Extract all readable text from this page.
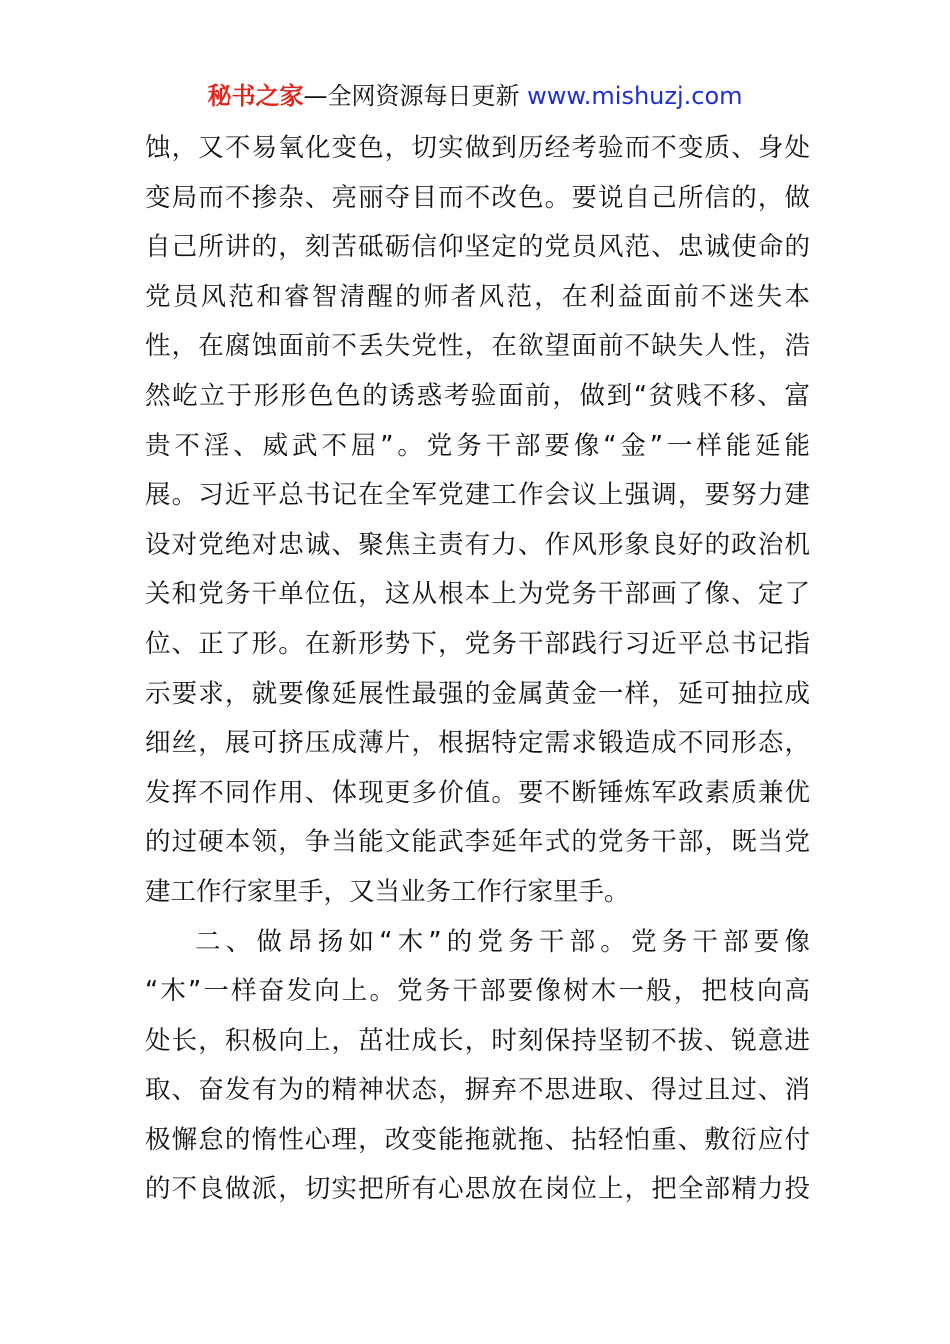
秘书之家—全网资源每日更新 www.mishuzj.com
蚀，又不易氧化变色，切实做到历经考验而不变质、身处
变局而不掺杂、亮丽夺目而不改色。要说自己所信的，做
自己所讲的，刻苦砥砺信仰坚定的党员风范、忠诚使命的
党员风范和睿智清醒的师者风范，在利益面前不迷失本
性，在腐蚀面前不丢失党性，在欲望面前不缺失人性，浩
然屹立于形形色色的诱惑考验面前，做到“贫贱不移、富
贵不淫、威武不屈”。党务干部要像“金”一样能延能
展。习近平总书记在全军党建工作会议上强调，要努力建
设对党绝对忠诚、聚焦主责有力、作风形象良好的政治机
关和党务干单位伍，这从根本上为党务干部画了像、定了
位、正了形。在新形势下，党务干部践行习近平总书记指
示要求，就要像延展性最强的金属黄金一样，延可抽拉成
细丝，展可挤压成薄片，根据特定需求锻造成不同形态，
发挥不同作用、体现更多价值。要不断锤炼军政素质兼优
的过硬本领，争当能文能武李延年式的党务干部，既当党
建工作行家里手，又当业务工作行家里手。
二、做昂扬如“木”的党务干部。党务干部要像
“木”一样奋发向上。党务干部要像树木一般，把枝向高
处长，积极向上，茁壮成长，时刻保持坚韧不拔、锐意进
取、奋发有为的精神状态，摒弃不思进取、得过且过、消
极懈怠的惰性心理，改变能拖就拖、拈轻怕重、敷衍应付
的不良做派，切实把所有心思放在岗位上，把全部精力投
